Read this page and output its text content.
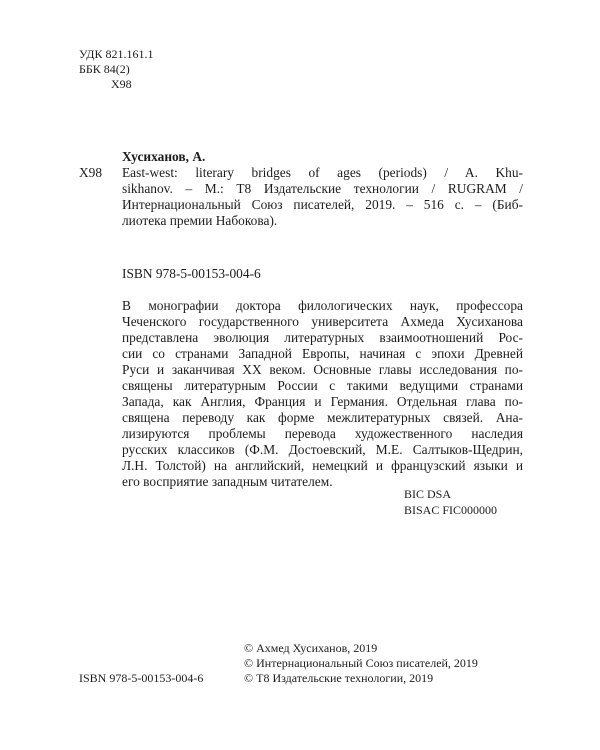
УДК 821.161.1
ББК 84(2)
Х98
Хусиханов, А.
Х98 East-west: literary bridges of ages (periods) / A. Khu-
sikhanov. – М.: Т8 Издательские технологии / RUGRAM /
Интернациональный Союз писателей, 2019. – 516 с. – (Биб-
лиотека премии Набокова).
ISBN 978-5-00153-004-6
В монографии доктора филологических наук, профессора
Чеченского государственного университета Ахмеда Хусиханова
представлена эволюция литературных взаимоотношений Рос-
сии со странами Западной Европы, начиная с эпохи Древней
Руси и заканчивая XX веком. Основные главы исследования по-
священы литературным России с такими ведущими странами
Запада, как Англия, Франция и Германия. Отдельная глава по-
священа переводу как форме межлитературных связей. Ана-
лизируются проблемы перевода художественного наследия
русских классиков (Ф.М. Достоевский, М.Е. Салтыков-Щедрин,
Л.Н. Толстой) на английский, немецкий и французский языки и
его восприятие западным читателем.
BIC DSA
BISAC FIC000000
ISBN 978-5-00153-004-6
© Ахмед Хусиханов, 2019
© Интернациональный Союз писателей, 2019
© Т8 Издательские технологии, 2019
